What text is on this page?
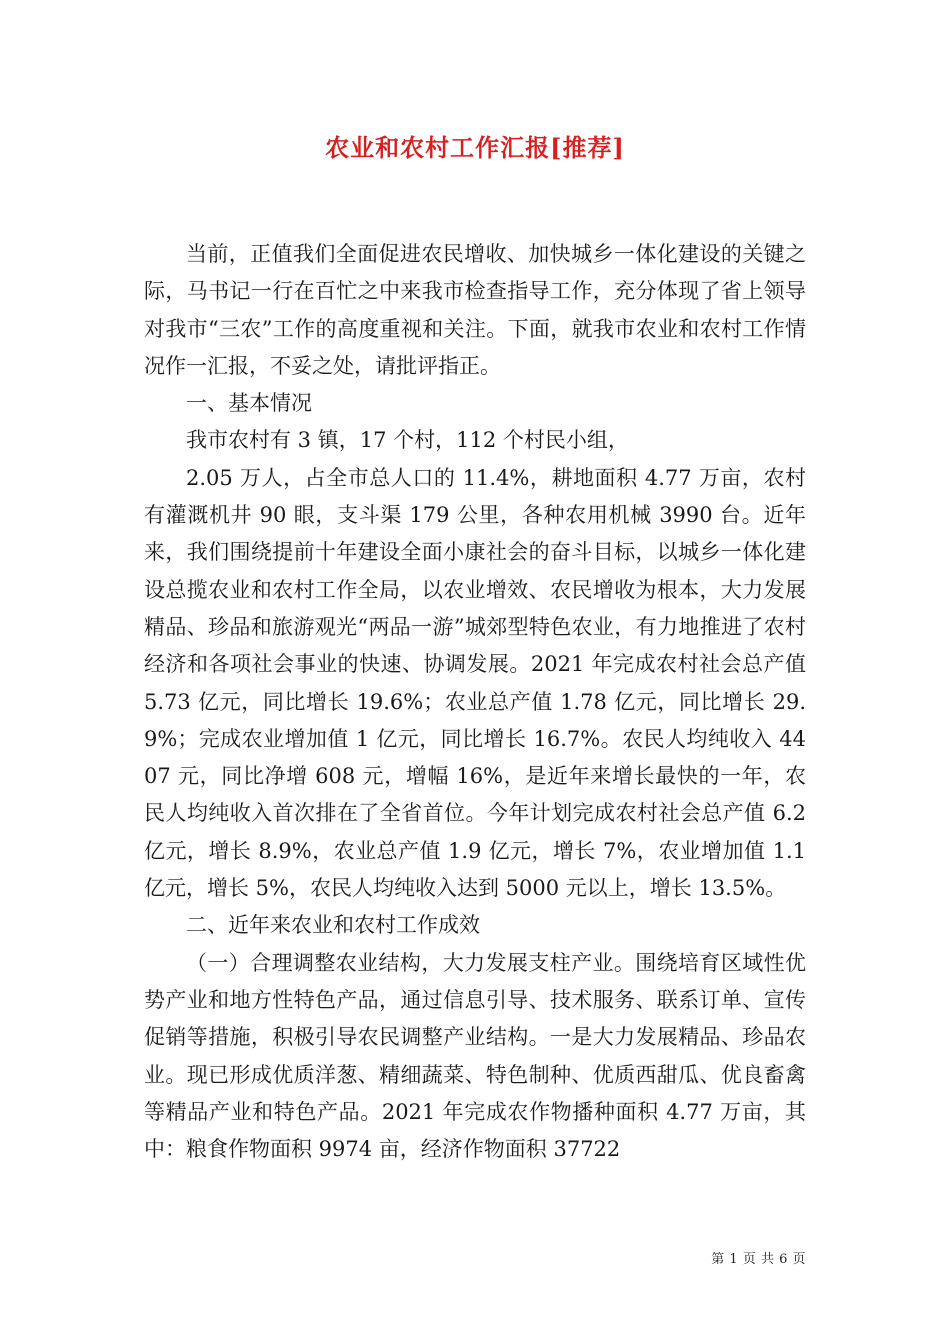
农业和农村工作汇报[推荐]

当前，正值我们全面促进农民增收、加快城乡一体化建设的关键之际，马书记一行在百忙之中来我市检查指导工作，充分体现了省上领导对我市“三农”工作的高度重视和关注。下面，就我市农业和农村工作情况作一汇报，不妥之处，请批评指正。

一、基本情况

我市农村有 3 镇，17 个村，112 个村民小组，

2.05 万人，占全市总人口的 11.4%，耕地面积 4.77 万亩，农村有灌溉机井 90 眼，支斗渠 179 公里，各种农用机械 3990 台。近年来，我们围绕提前十年建设全面小康社会的奋斗目标，以城乡一体化建设总揽农业和农村工作全局，以农业增效、农民增收为根本，大力发展精品、珍品和旅游观光“两品一游”城郊型特色农业，有力地推进了农村经济和各项社会事业的快速、协调发展。2021 年完成农村社会总产值 5.73 亿元，同比增长 19.6%；农业总产值 1.78 亿元，同比增长 29.9%；完成农业增加值 1 亿元，同比增长 16.7%。农民人均纯收入 4407 元，同比净增 608 元，增幅 16%，是近年来增长最快的一年，农民人均纯收入首次排在了全省首位。今年计划完成农村社会总产值 6.2 亿元，增长 8.9%，农业总产值 1.9 亿元，增长 7%，农业增加值 1.1 亿元，增长 5%，农民人均纯收入达到 5000 元以上，增长 13.5%。

二、近年来农业和农村工作成效

（一）合理调整农业结构，大力发展支柱产业。围绕培育区域性优势产业和地方性特色产品，通过信息引导、技术服务、联系订单、宣传促销等措施，积极引导农民调整产业结构。一是大力发展精品、珍品农业。现已形成优质洋葱、精细蔬菜、特色制种、优质西甜瓜、优良畜禽等精品产业和特色产品。2021 年完成农作物播种面积 4.77 万亩，其中：粮食作物面积 9974 亩，经济作物面积 37722

第 1 页 共 6 页
